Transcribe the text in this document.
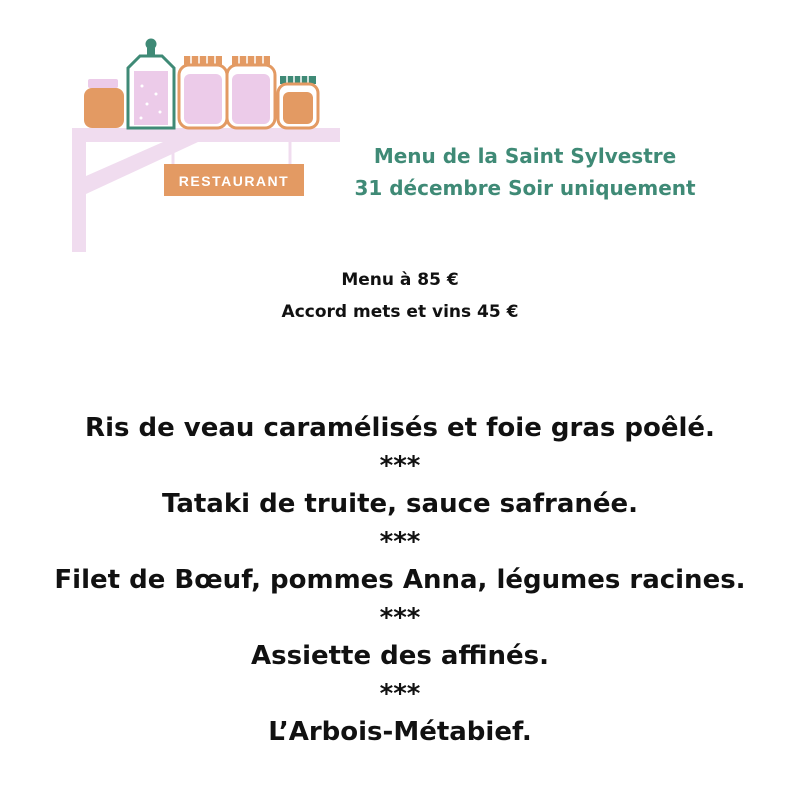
RESTAURANT
Menu de la Saint Sylvestre
31 décembre Soir uniquement
Menu à 85 €
Accord mets et vins 45 €
Ris de veau caramélisés et foie gras poêlé.
***
Tataki de truite, sauce safranée.
***
Filet de Bœuf, pommes Anna, légumes racines.
***
Assiette des affinés.
***
L’Arbois-Métabief.
